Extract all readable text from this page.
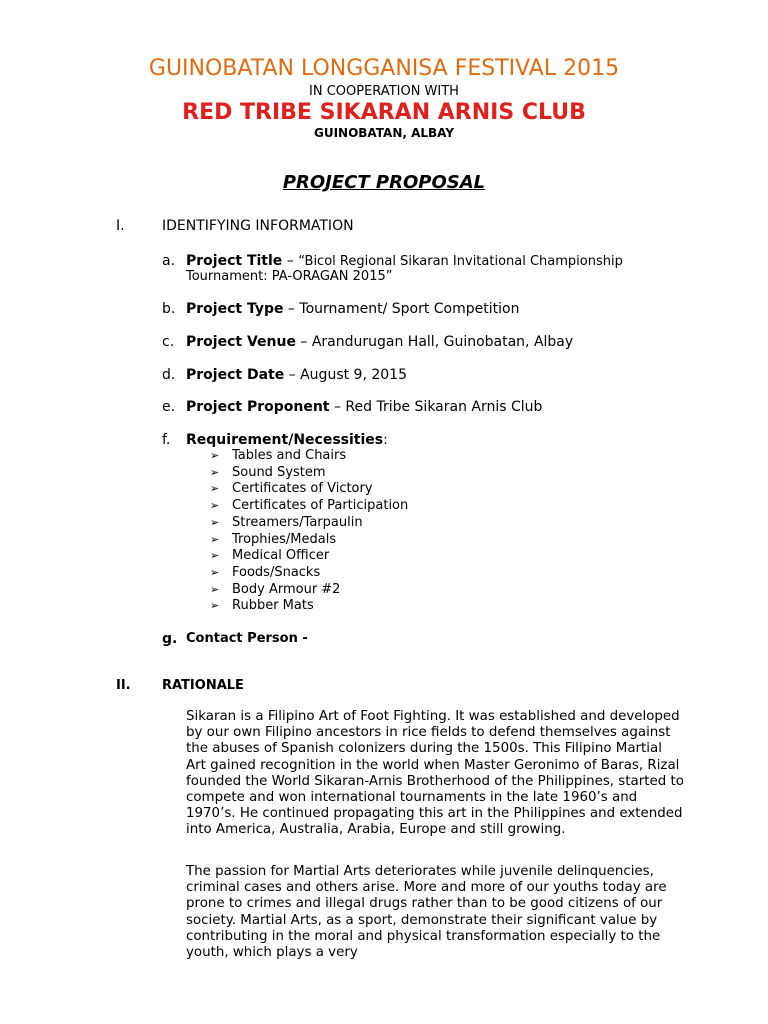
GUINOBATAN LONGGANISA FESTIVAL 2015
IN COOPERATION WITH
RED TRIBE SIKARAN ARNIS CLUB
GUINOBATAN, ALBAY
PROJECT PROPOSAL
I.	IDENTIFYING INFORMATION
a. Project Title – “Bicol Regional Sikaran Invitational Championship
Tournament: PA-ORAGAN 2015”
b. Project Type – Tournament/ Sport Competition
c. Project Venue – Arandurugan Hall, Guinobatan, Albay
d. Project Date – August 9, 2015
e. Project Proponent – Red Tribe Sikaran Arnis Club
f. Requirement/Necessities:
➢ Tables and Chairs
➢ Sound System
➢ Certificates of Victory
➢ Certificates of Participation
➢ Streamers/Tarpaulin
➢ Trophies/Medals
➢ Medical Officer
➢ Foods/Snacks
➢ Body Armour #2
➢ Rubber Mats
g. Contact Person -
II. RATIONALE
Sikaran is a Filipino Art of Foot Fighting. It was established and developed by our own Filipino ancestors in rice fields to defend themselves against the abuses of Spanish colonizers during the 1500s. This Filipino Martial Art gained recognition in the world when Master Geronimo of Baras, Rizal founded the World Sikaran-Arnis Brotherhood of the Philippines, started to compete and won international tournaments in the late 1960’s and 1970’s. He continued propagating this art in the Philippines and extended into America, Australia, Arabia, Europe and still growing.
The passion for Martial Arts deteriorates while juvenile delinquencies, criminal cases and others arise. More and more of our youths today are prone to crimes and illegal drugs rather than to be good citizens of our society. Martial Arts, as a sport, demonstrate their significant value by contributing in the moral and physical transformation especially to the youth, which plays a very
